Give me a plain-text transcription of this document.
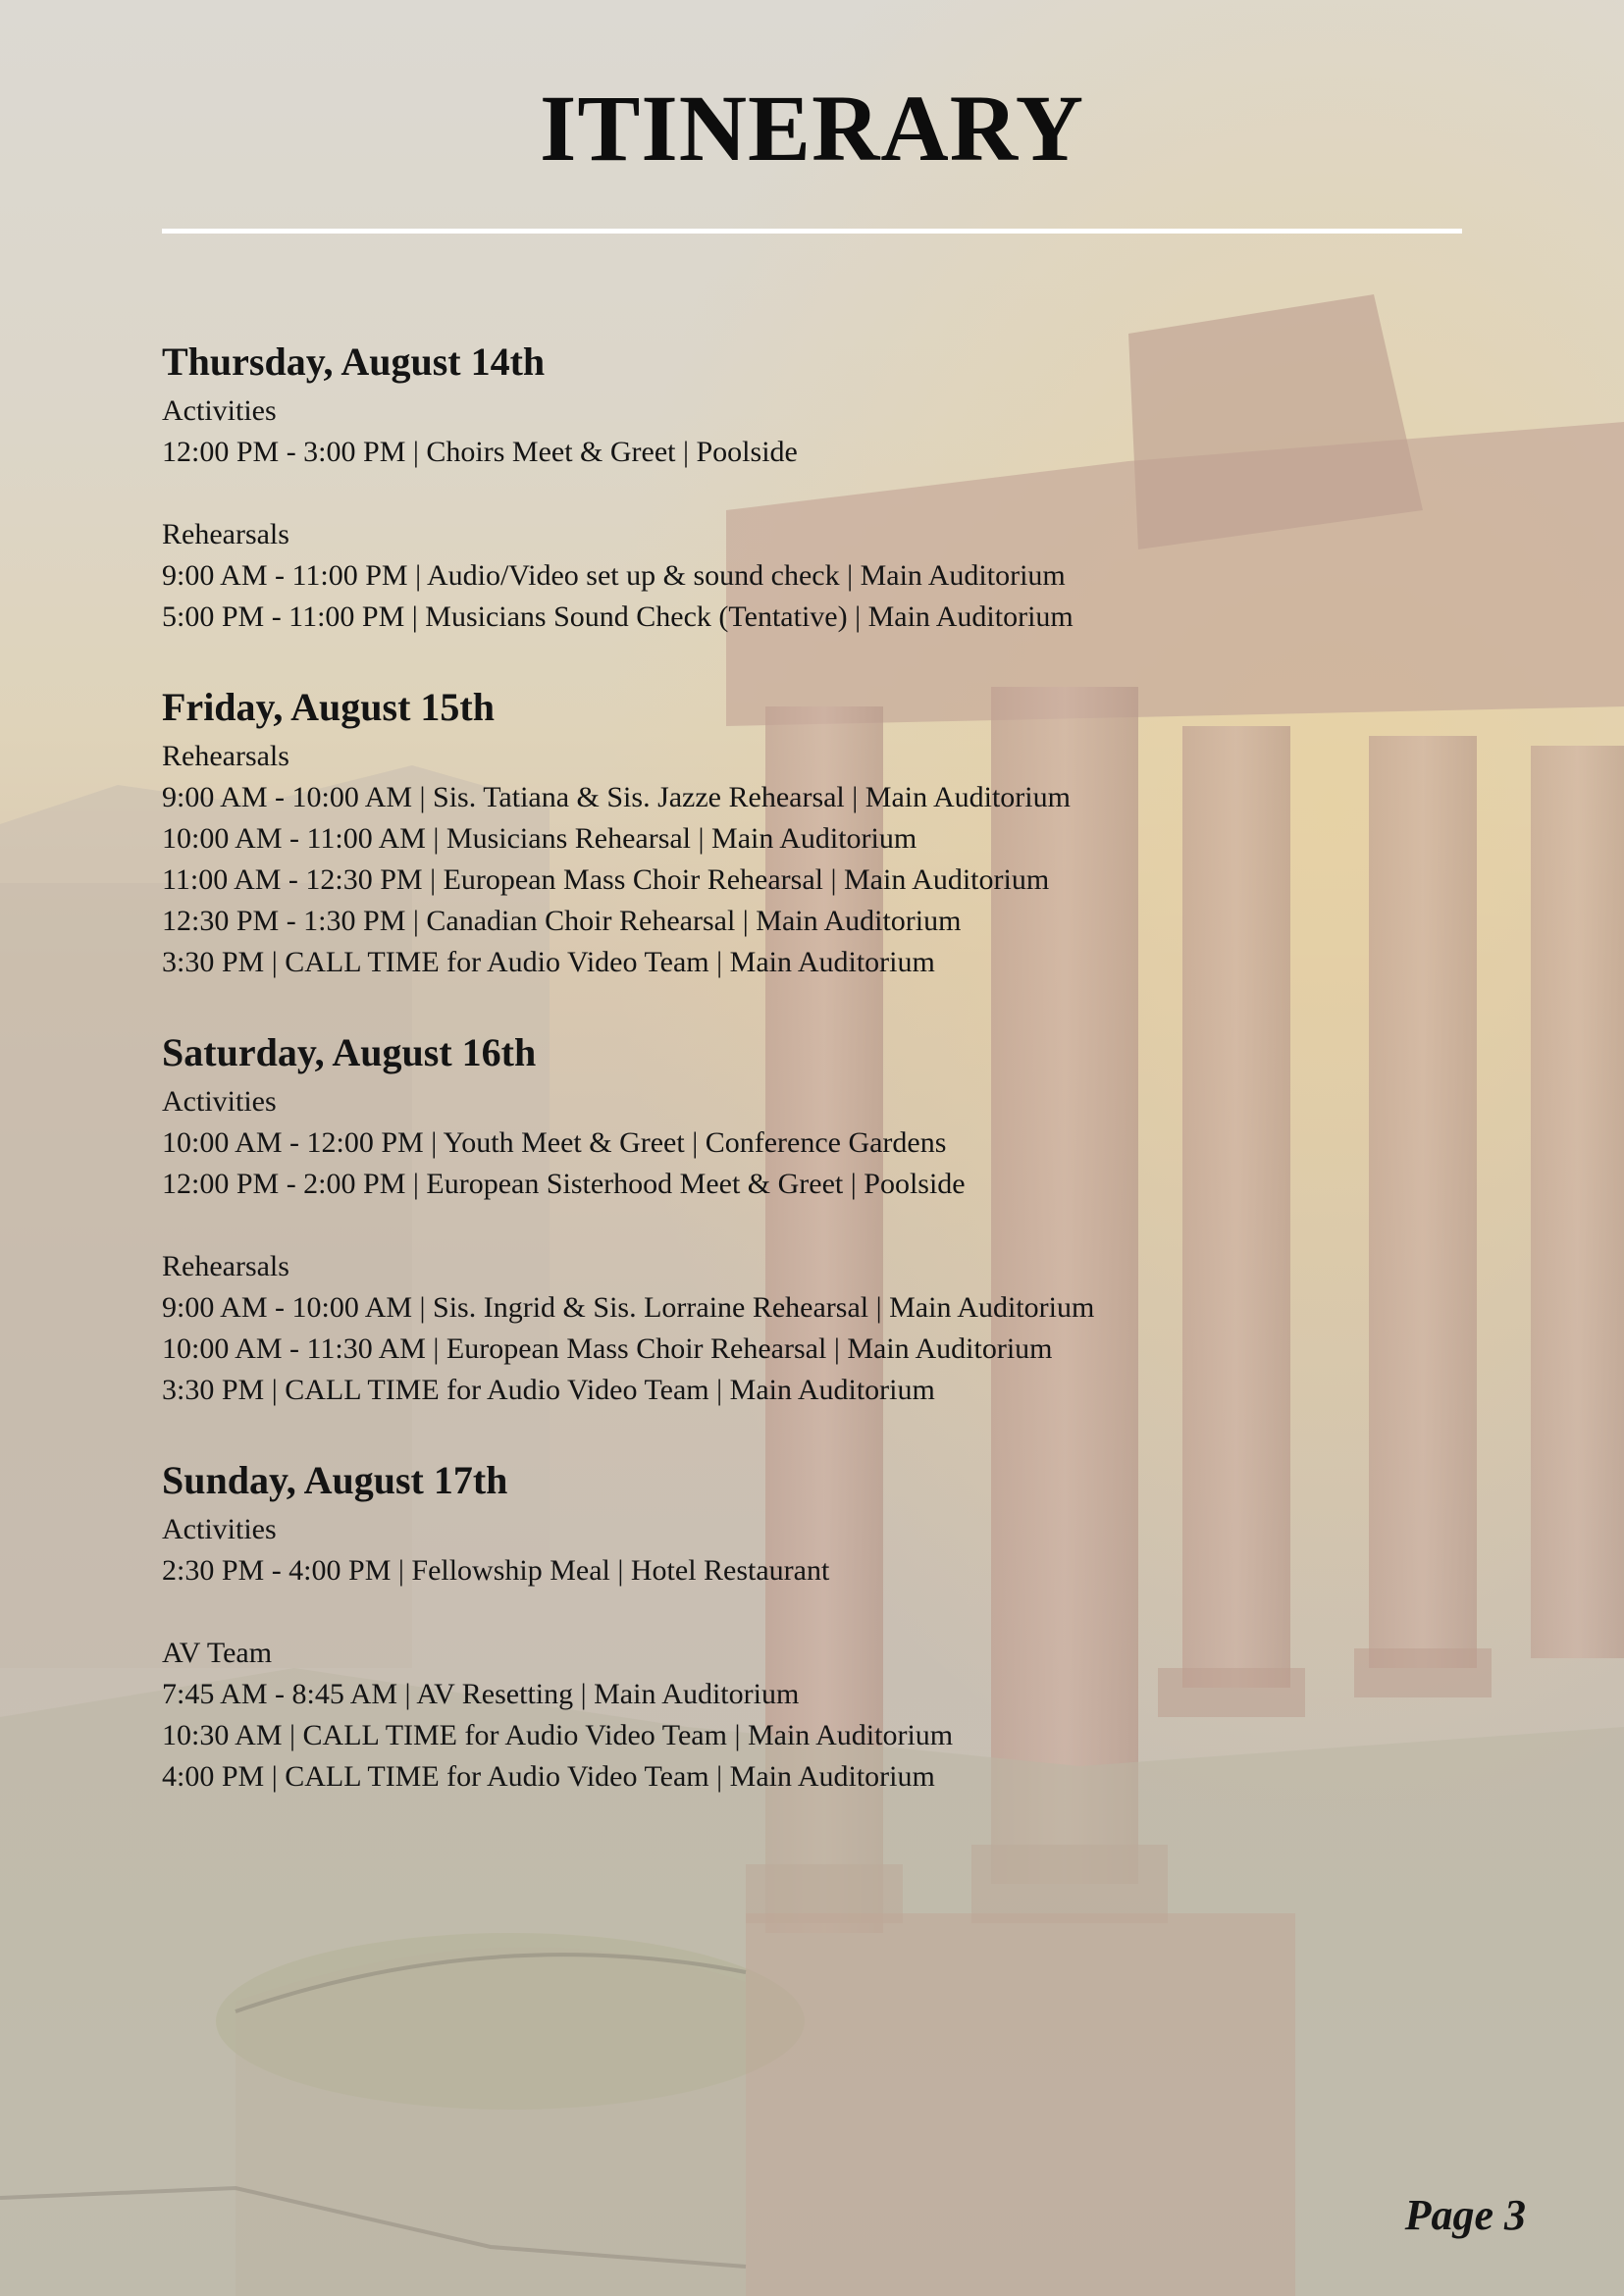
ITINERARY
Thursday, August 14th

Activities

12:00 PM - 3:00 PM | Choirs Meet & Greet | Poolside

Rehearsals

9:00 AM - 11:00 PM | Audio/Video set up & sound check | Main Auditorium

5:00 PM - 11:00 PM | Musicians Sound Check (Tentative) | Main Auditorium

Friday, August 15th

Rehearsals

9:00 AM - 10:00 AM | Sis. Tatiana & Sis. Jazze Rehearsal | Main Auditorium

10:00 AM - 11:00 AM | Musicians Rehearsal | Main Auditorium

11:00 AM - 12:30 PM | European Mass Choir Rehearsal | Main Auditorium

12:30 PM - 1:30 PM | Canadian Choir Rehearsal | Main Auditorium

3:30 PM | CALL TIME for Audio Video Team | Main Auditorium

Saturday, August 16th

Activities

10:00 AM - 12:00 PM | Youth Meet & Greet | Conference Gardens

12:00 PM - 2:00 PM | European Sisterhood Meet & Greet | Poolside

Rehearsals

9:00 AM - 10:00 AM | Sis. Ingrid & Sis. Lorraine Rehearsal | Main Auditorium

10:00 AM - 11:30 AM | European Mass Choir Rehearsal | Main Auditorium

3:30 PM | CALL TIME for Audio Video Team | Main Auditorium

Sunday, August 17th

Activities

2:30 PM - 4:00 PM | Fellowship Meal | Hotel Restaurant

AV Team

7:45 AM - 8:45 AM | AV Resetting | Main Auditorium

10:30 AM | CALL TIME for Audio Video Team | Main Auditorium

4:00 PM | CALL TIME for Audio Video Team | Main Auditorium

Page 3
